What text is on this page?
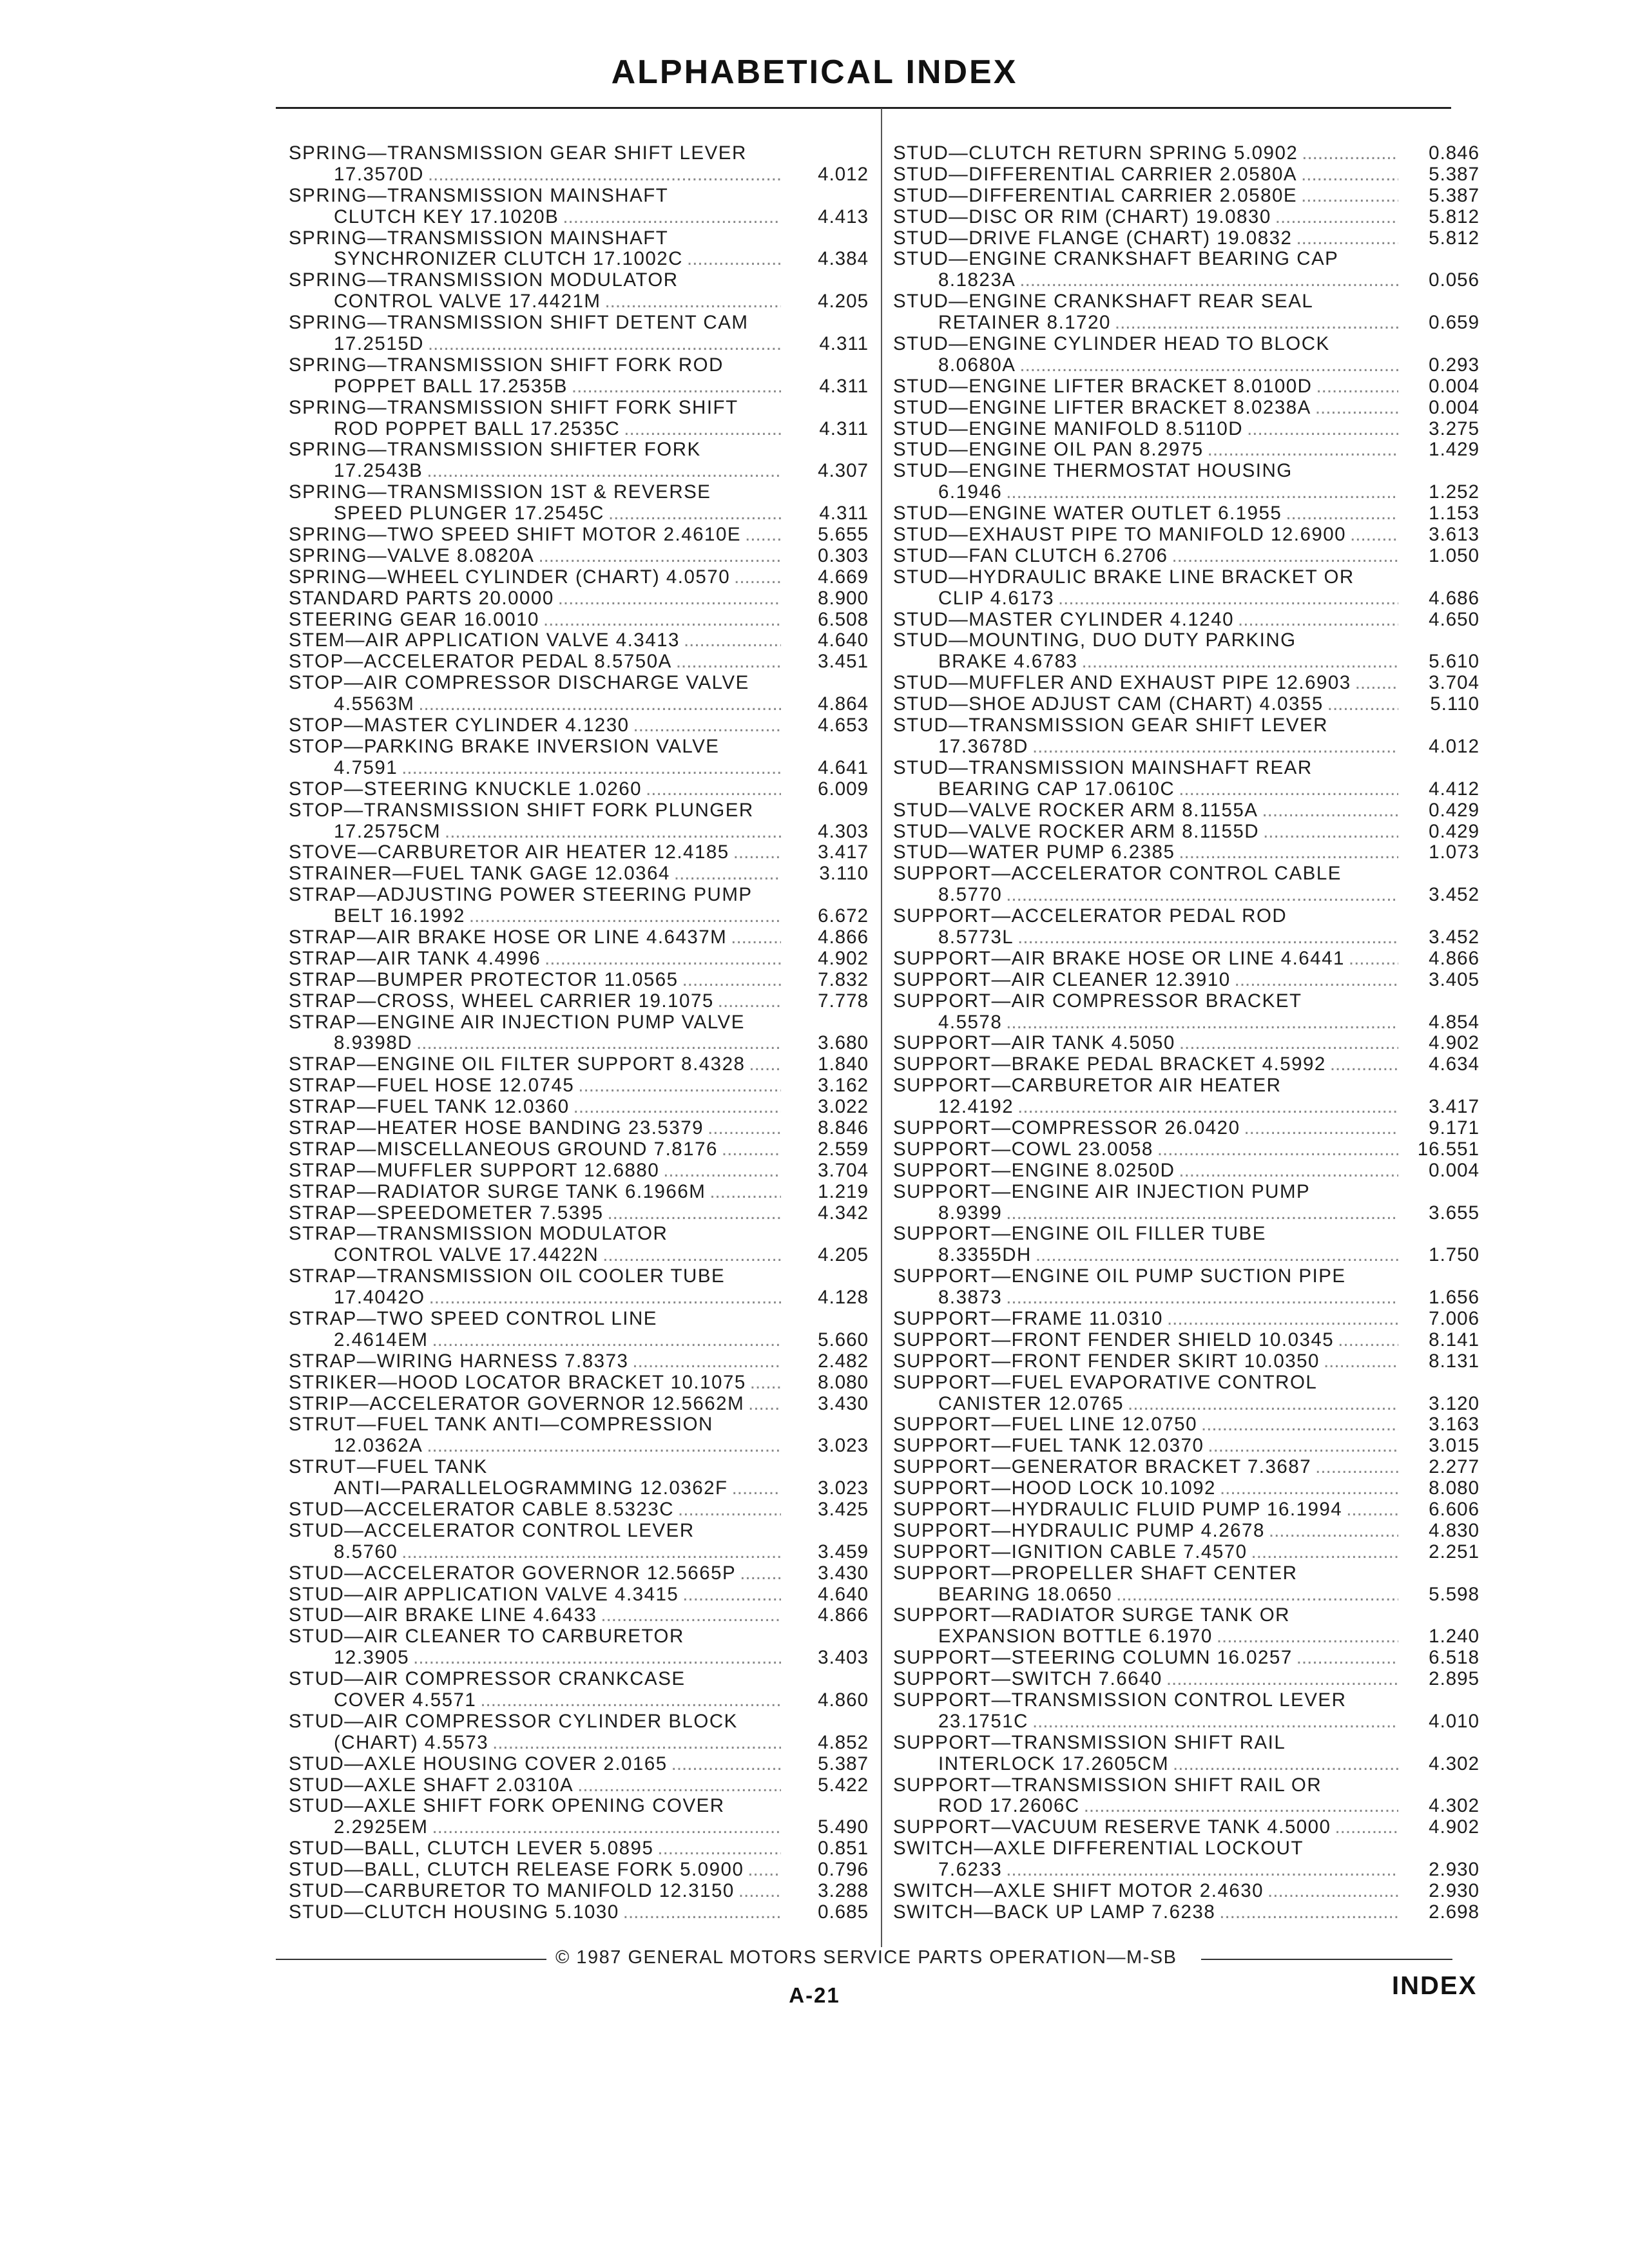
ALPHABETICAL INDEX
SPRING—TRANSMISSION GEAR SHIFT LEVER
17.3570D .....	4.012
SPRING—TRANSMISSION MAINSHAFT
CLUTCH KEY 17.1020B .....	4.413
SPRING—TRANSMISSION MAINSHAFT
SYNCHRONIZER CLUTCH 17.1002C .....	4.384
SPRING—TRANSMISSION MODULATOR
CONTROL VALVE 17.4421M .....	4.205
SPRING—TRANSMISSION SHIFT DETENT CAM
17.2515D .....	4.311
SPRING—TRANSMISSION SHIFT FORK ROD
POPPET BALL 17.2535B .....	4.311
SPRING—TRANSMISSION SHIFT FORK SHIFT
ROD POPPET BALL 17.2535C .....	4.311
SPRING—TRANSMISSION SHIFTER FORK
17.2543B .....	4.307
SPRING—TRANSMISSION 1ST & REVERSE
SPEED PLUNGER 17.2545C .....	4.311
SPRING—TWO SPEED SHIFT MOTOR 2.4610E .....	5.655
SPRING—VALVE 8.0820A .....	0.303
SPRING—WHEEL CYLINDER (CHART) 4.0570 .....	4.669
STANDARD PARTS 20.0000 .....	8.900
STEERING GEAR 16.0010 .....	6.508
STEM—AIR APPLICATION VALVE 4.3413 .....	4.640
STOP—ACCELERATOR PEDAL 8.5750A .....	3.451
STOP—AIR COMPRESSOR DISCHARGE VALVE
4.5563M .....	4.864
STOP—MASTER CYLINDER 4.1230 .....	4.653
STOP—PARKING BRAKE INVERSION VALVE
4.7591 .....	4.641
STOP—STEERING KNUCKLE 1.0260 .....	6.009
STOP—TRANSMISSION SHIFT FORK PLUNGER
17.2575CM .....	4.303
STOVE—CARBURETOR AIR HEATER 12.4185 .....	3.417
STRAINER—FUEL TANK GAGE 12.0364 .....	3.110
STRAP—ADJUSTING POWER STEERING PUMP
BELT 16.1992 .....	6.672
STRAP—AIR BRAKE HOSE OR LINE 4.6437M .....	4.866
STRAP—AIR TANK 4.4996 .....	4.902
STRAP—BUMPER PROTECTOR 11.0565 .....	7.832
STRAP—CROSS, WHEEL CARRIER 19.1075 .....	7.778
STRAP—ENGINE AIR INJECTION PUMP VALVE
8.9398D .....	3.680
STRAP—ENGINE OIL FILTER SUPPORT 8.4328 .....	1.840
STRAP—FUEL HOSE 12.0745 .....	3.162
STRAP—FUEL TANK 12.0360 .....	3.022
STRAP—HEATER HOSE BANDING 23.5379 .....	8.846
STRAP—MISCELLANEOUS GROUND 7.8176 .....	2.559
STRAP—MUFFLER SUPPORT 12.6880 .....	3.704
STRAP—RADIATOR SURGE TANK 6.1966M .....	1.219
STRAP—SPEEDOMETER 7.5395 .....	4.342
STRAP—TRANSMISSION MODULATOR
CONTROL VALVE 17.4422N .....	4.205
STRAP—TRANSMISSION OIL COOLER TUBE
17.4042O .....	4.128
STRAP—TWO SPEED CONTROL LINE
2.4614EM .....	5.660
STRAP—WIRING HARNESS 7.8373 .....	2.482
STRIKER—HOOD LOCATOR BRACKET 10.1075 .....	8.080
STRIP—ACCELERATOR GOVERNOR 12.5662M .....	3.430
STRUT—FUEL TANK ANTI—COMPRESSION
12.0362A .....	3.023
STRUT—FUEL TANK
ANTI—PARALLELOGRAMMING 12.0362F .....	3.023
STUD—ACCELERATOR CABLE 8.5323C .....	3.425
STUD—ACCELERATOR CONTROL LEVER
8.5760 .....	3.459
STUD—ACCELERATOR GOVERNOR 12.5665P .....	3.430
STUD—AIR APPLICATION VALVE 4.3415 .....	4.640
STUD—AIR BRAKE LINE 4.6433 .....	4.866
STUD—AIR CLEANER TO CARBURETOR
12.3905 .....	3.403
STUD—AIR COMPRESSOR CRANKCASE
COVER 4.5571 .....	4.860
STUD—AIR COMPRESSOR CYLINDER BLOCK
(CHART) 4.5573 .....	4.852
STUD—AXLE HOUSING COVER 2.0165 .....	5.387
STUD—AXLE SHAFT 2.0310A .....	5.422
STUD—AXLE SHIFT FORK OPENING COVER
2.2925EM .....	5.490
STUD—BALL, CLUTCH LEVER 5.0895 .....	0.851
STUD—BALL, CLUTCH RELEASE FORK 5.0900 .....	0.796
STUD—CARBURETOR TO MANIFOLD 12.3150 .....	3.288
STUD—CLUTCH HOUSING 5.1030 .....	0.685
STUD—CLUTCH RETURN SPRING 5.0902 .....	0.846
STUD—DIFFERENTIAL CARRIER 2.0580A .....	5.387
STUD—DIFFERENTIAL CARRIER 2.0580E .....	5.387
STUD—DISC OR RIM (CHART) 19.0830 .....	5.812
STUD—DRIVE FLANGE (CHART) 19.0832 .....	5.812
STUD—ENGINE CRANKSHAFT BEARING CAP
8.1823A .....	0.056
STUD—ENGINE CRANKSHAFT REAR SEAL
RETAINER 8.1720 .....	0.659
STUD—ENGINE CYLINDER HEAD TO BLOCK
8.0680A .....	0.293
STUD—ENGINE LIFTER BRACKET 8.0100D .....	0.004
STUD—ENGINE LIFTER BRACKET 8.0238A .....	0.004
STUD—ENGINE MANIFOLD 8.5110D .....	3.275
STUD—ENGINE OIL PAN 8.2975 .....	1.429
STUD—ENGINE THERMOSTAT HOUSING
6.1946 .....	1.252
STUD—ENGINE WATER OUTLET 6.1955 .....	1.153
STUD—EXHAUST PIPE TO MANIFOLD 12.6900 .....	3.613
STUD—FAN CLUTCH 6.2706 .....	1.050
STUD—HYDRAULIC BRAKE LINE BRACKET OR
CLIP 4.6173 .....	4.686
STUD—MASTER CYLINDER 4.1240 .....	4.650
STUD—MOUNTING, DUO DUTY PARKING
BRAKE 4.6783 .....	5.610
STUD—MUFFLER AND EXHAUST PIPE 12.6903 .....	3.704
STUD—SHOE ADJUST CAM (CHART) 4.0355 .....	5.110
STUD—TRANSMISSION GEAR SHIFT LEVER
17.3678D .....	4.012
STUD—TRANSMISSION MAINSHAFT REAR
BEARING CAP 17.0610C .....	4.412
STUD—VALVE ROCKER ARM 8.1155A .....	0.429
STUD—VALVE ROCKER ARM 8.1155D .....	0.429
STUD—WATER PUMP 6.2385 .....	1.073
SUPPORT—ACCELERATOR CONTROL CABLE
8.5770 .....	3.452
SUPPORT—ACCELERATOR PEDAL ROD
8.5773L .....	3.452
SUPPORT—AIR BRAKE HOSE OR LINE 4.6441 .....	4.866
SUPPORT—AIR CLEANER 12.3910 .....	3.405
SUPPORT—AIR COMPRESSOR BRACKET
4.5578 .....	4.854
SUPPORT—AIR TANK 4.5050 .....	4.902
SUPPORT—BRAKE PEDAL BRACKET 4.5992 .....	4.634
SUPPORT—CARBURETOR AIR HEATER
12.4192 .....	3.417
SUPPORT—COMPRESSOR 26.0420 .....	9.171
SUPPORT—COWL 23.0058 .....	16.551
SUPPORT—ENGINE 8.0250D .....	0.004
SUPPORT—ENGINE AIR INJECTION PUMP
8.9399 .....	3.655
SUPPORT—ENGINE OIL FILLER TUBE
8.3355DH .....	1.750
SUPPORT—ENGINE OIL PUMP SUCTION PIPE
8.3873 .....	1.656
SUPPORT—FRAME 11.0310 .....	7.006
SUPPORT—FRONT FENDER SHIELD 10.0345 .....	8.141
SUPPORT—FRONT FENDER SKIRT 10.0350 .....	8.131
SUPPORT—FUEL EVAPORATIVE CONTROL
CANISTER 12.0765 .....	3.120
SUPPORT—FUEL LINE 12.0750 .....	3.163
SUPPORT—FUEL TANK 12.0370 .....	3.015
SUPPORT—GENERATOR BRACKET 7.3687 .....	2.277
SUPPORT—HOOD LOCK 10.1092 .....	8.080
SUPPORT—HYDRAULIC FLUID PUMP 16.1994 .....	6.606
SUPPORT—HYDRAULIC PUMP 4.2678 .....	4.830
SUPPORT—IGNITION CABLE 7.4570 .....	2.251
SUPPORT—PROPELLER SHAFT CENTER
BEARING 18.0650 .....	5.598
SUPPORT—RADIATOR SURGE TANK OR
EXPANSION BOTTLE 6.1970 .....	1.240
SUPPORT—STEERING COLUMN 16.0257 .....	6.518
SUPPORT—SWITCH 7.6640 .....	2.895
SUPPORT—TRANSMISSION CONTROL LEVER
23.1751C .....	4.010
SUPPORT—TRANSMISSION SHIFT RAIL
INTERLOCK 17.2605CM .....	4.302
SUPPORT—TRANSMISSION SHIFT RAIL OR
ROD 17.2606C .....	4.302
SUPPORT—VACUUM RESERVE TANK 4.5000 .....	4.902
SWITCH—AXLE DIFFERENTIAL LOCKOUT
7.6233 .....	2.930
SWITCH—AXLE SHIFT MOTOR 2.4630 .....	2.930
SWITCH—BACK UP LAMP 7.6238 .....	2.698
© 1987 GENERAL MOTORS SERVICE PARTS OPERATION—M-SB
A-21	INDEX
